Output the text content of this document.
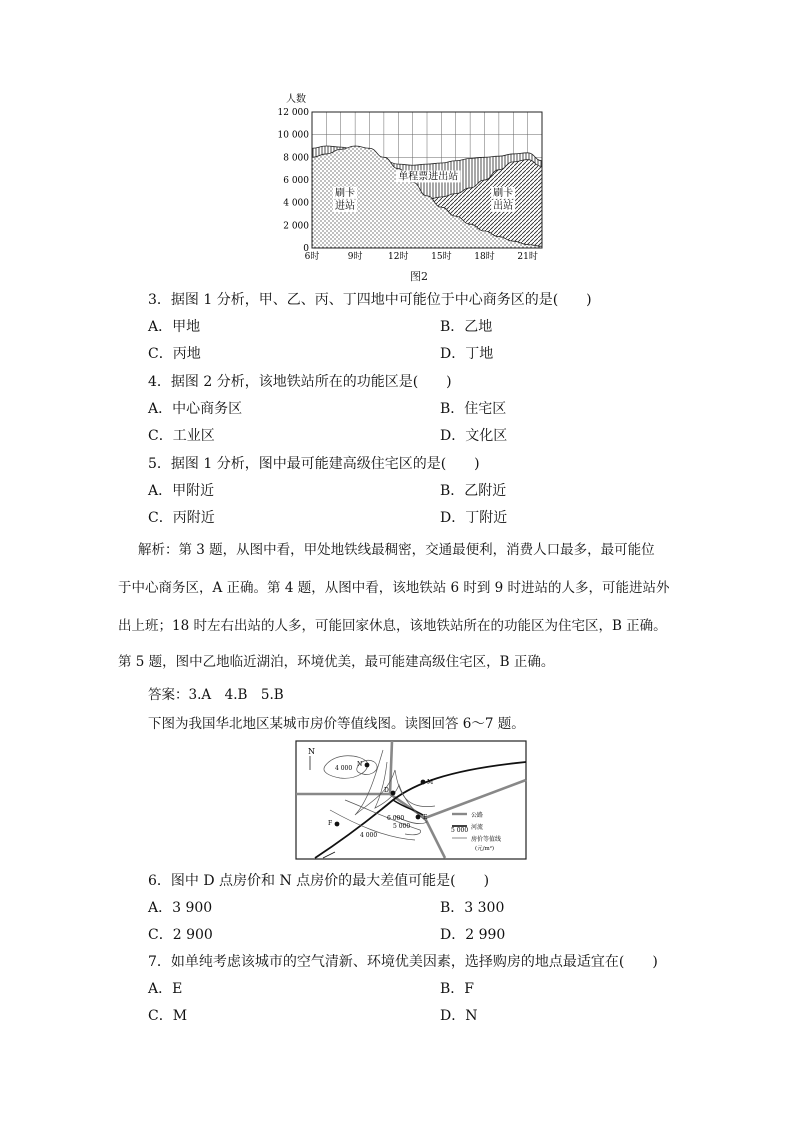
12 000
10 000
8 000
6 000
4 000
2 000
0
6时	9时	12时	15时	18时	21时
刷卡
进站
单程票进出站
刷卡
出站
人数
图2
3．据图 1 分析，甲、乙、丙、丁四地中可能位于中心商务区的是(　　)
A．甲地	B．乙地
C．丙地	D．丁地
4．据图 2 分析，该地铁站所在的功能区是(　　)
A．中心商务区	B．住宅区
C．工业区	D．文化区
5．据图 1 分析，图中最可能建高级住宅区的是(　　)
A．甲附近	B．乙附近
C．丙附近	D．丁附近
解析：第 3 题，从图中看，甲处地铁线最稠密，交通最便利，消费人口最多，最可能位
于中心商务区，A 正确。第 4 题，从图中看，该地铁站 6 时到 9 时进站的人多，可能进站外
出上班；18 时左右出站的人多，可能回家休息，该地铁站所在的功能区为住宅区，B 正确。
第 5 题，图中乙地临近湖泊，环境优美，最可能建高级住宅区，B 正确。
答案：3.A　4.B　5.B
下图为我国华北地区某城市房价等值线图。读图回答 6～7 题。
N
4 000
5 000
6 000
5 000
4 000
N
M
D
E
F
公路
河流
房价等值线
(元/m²)
6．图中 D 点房价和 N 点房价的最大差值可能是(　　)
A．3 900	B．3 300
C．2 900	D．2 990
7．如单纯考虑该城市的空气清新、环境优美因素，选择购房的地点最适宜在(　　)
A．E	B．F
C．M	D．N
